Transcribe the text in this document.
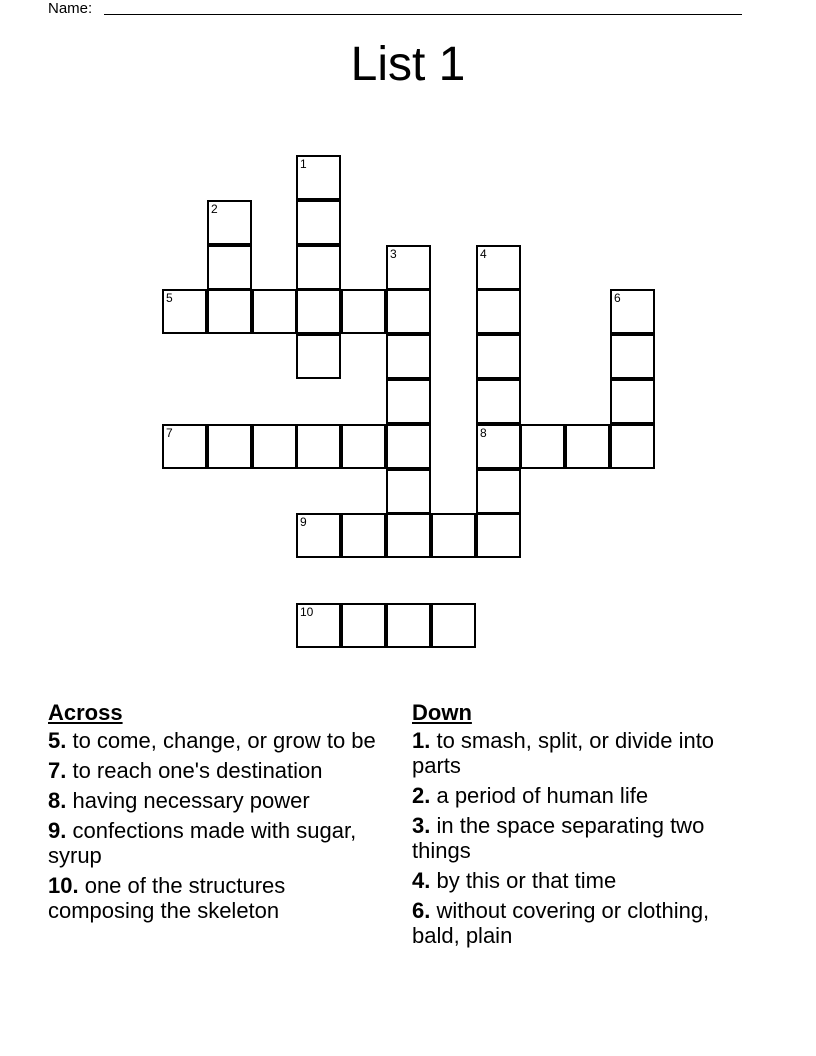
Name:
List 1
1
2
3	4
5	6
7	8
9
10
Across
5. to come, change, or grow to be
7. to reach one's destination
8. having necessary power
9. confections made with sugar, syrup
10. one of the structures composing the skeleton
Down
1. to smash, split, or divide into parts
2. a period of human life
3. in the space separating two things
4. by this or that time
6. without covering or clothing, bald, plain
